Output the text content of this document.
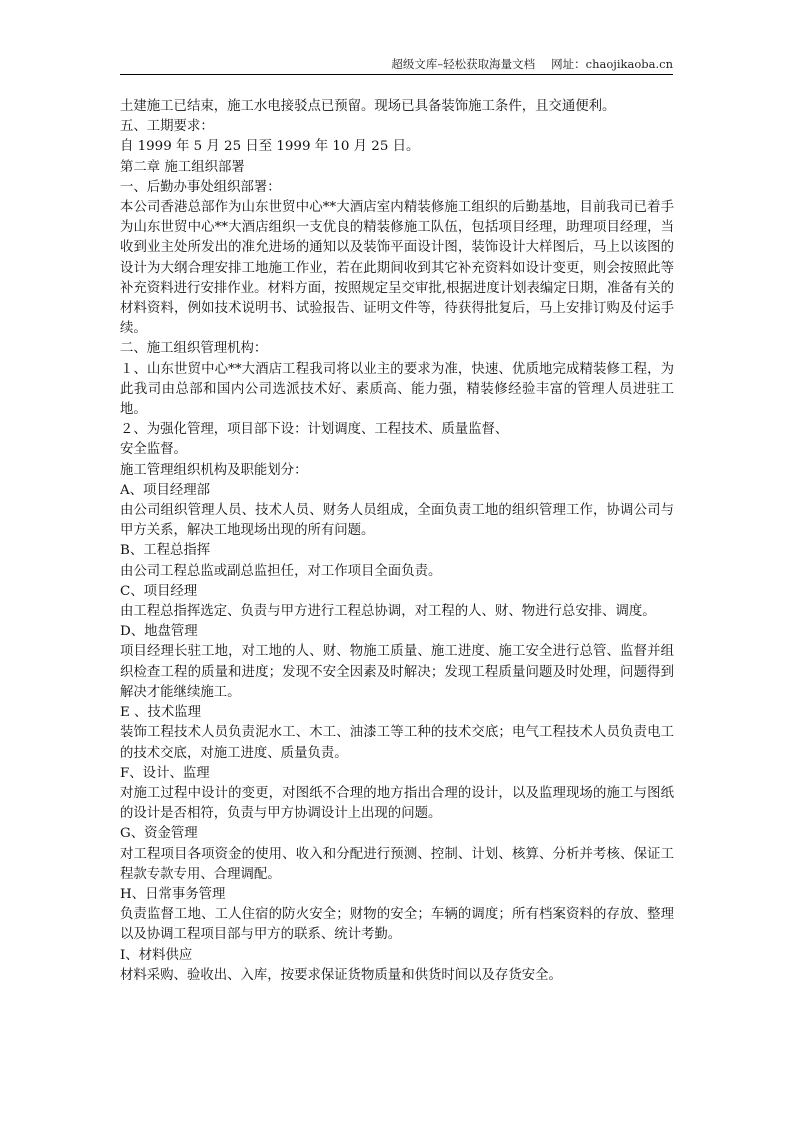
超级文库–轻松获取海量文档 网址：chaojikaoba.cn

土建施工已结束，施工水电接驳点已预留。现场已具备装饰施工条件，且交通便利。

五、工期要求：

自 1999 年 5 月 25 日至 1999 年 10 月 25 日。

第二章 施工组织部署

一、后勤办事处组织部署：

本公司香港总部作为山东世贸中心**大酒店室内精装修施工组织的后勤基地，目前我司已着手为山东世贸中心**大酒店组织一支优良的精装修施工队伍，包括项目经理，助理项目经理，当收到业主处所发出的准允进场的通知以及装饰平面设计图，装饰设计大样图后，马上以该图的设计为大纲合理安排工地施工作业，若在此期间收到其它补充资料如设计变更，则会按照此等补充资料进行安排作业。材料方面，按照规定呈交审批,根据进度计划表编定日期，准备有关的材料资料，例如技术说明书、试验报告、证明文件等，待获得批复后，马上安排订购及付运手续。

二、施工组织管理机构：

１、山东世贸中心**大酒店工程我司将以业主的要求为准，快速、优质地完成精装修工程，为此我司由总部和国内公司选派技术好、素质高、能力强，精装修经验丰富的管理人员进驻工地。

２、为强化管理，项目部下设：计划调度、工程技术、质量监督、

安全监督。

施工管理组织机构及职能划分：

A、项目经理部

由公司组织管理人员、技术人员、财务人员组成，全面负责工地的组织管理工作，协调公司与甲方关系，解决工地现场出现的所有问题。

B、工程总指挥

由公司工程总监或副总监担任，对工作项目全面负责。

C、项目经理

由工程总指挥选定、负责与甲方进行工程总协调，对工程的人、财、物进行总安排、调度。

D、地盘管理

项目经理长驻工地，对工地的人、财、物施工质量、施工进度、施工安全进行总管、监督并组织检查工程的质量和进度；发现不安全因素及时解决；发现工程质量问题及时处理，问题得到解决才能继续施工。

E 、技术监理

装饰工程技术人员负责泥水工、木工、油漆工等工种的技术交底；电气工程技术人员负责电工的技术交底，对施工进度、质量负责。

F、设计、监理

对施工过程中设计的变更，对图纸不合理的地方指出合理的设计，以及监理现场的施工与图纸的设计是否相符，负责与甲方协调设计上出现的问题。

G、资金管理

对工程项目各项资金的使用、收入和分配进行预测、控制、计划、核算、分析并考核、保证工程款专款专用、合理调配。

H、日常事务管理

负责监督工地、工人住宿的防火安全；财物的安全；车辆的调度；所有档案资料的存放、整理以及协调工程项目部与甲方的联系、统计考勤。

I、材料供应

材料采购、验收出、入库，按要求保证货物质量和供货时间以及存货安全。
